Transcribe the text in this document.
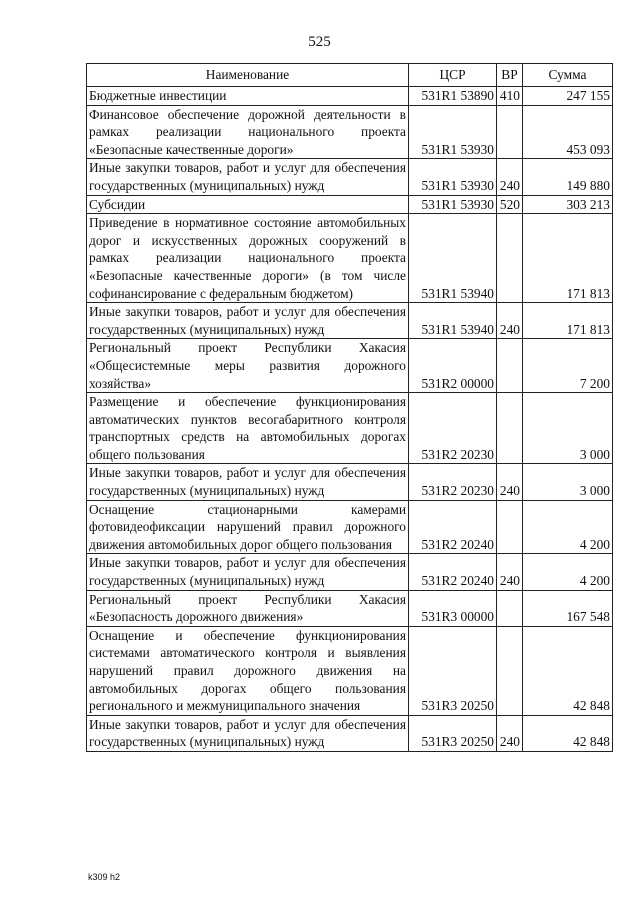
525
Наименование	ЦСР	ВР	Сумма
Бюджетные инвестиции	531R1 53890	410	247 155
Финансовое обеспечение дорожной деятельности в рамках реализации национального проекта «Безопасные качественные дороги»	531R1 53930		453 093
Иные закупки товаров, работ и услуг для обеспечения государственных (муниципальных) нужд	531R1 53930	240	149 880
Субсидии	531R1 53930	520	303 213
Приведение в нормативное состояние автомобильных дорог и искусственных дорожных сооружений в рамках реализации национального проекта «Безопасные качественные дороги» (в том числе софинансирование с федеральным бюджетом)	531R1 53940		171 813
Иные закупки товаров, работ и услуг для обеспечения государственных (муниципальных) нужд	531R1 53940	240	171 813
Региональный проект Республики Хакасия «Общесистемные меры развития дорожного хозяйства»	531R2 00000		7 200
Размещение и обеспечение функционирования автоматических пунктов весогабаритного контроля транспортных средств на автомобильных дорогах общего пользования	531R2 20230		3 000
Иные закупки товаров, работ и услуг для обеспечения государственных (муниципальных) нужд	531R2 20230	240	3 000
Оснащение стационарными камерами фотовидеофиксации нарушений правил дорожного движения автомобильных дорог общего пользования	531R2 20240		4 200
Иные закупки товаров, работ и услуг для обеспечения государственных (муниципальных) нужд	531R2 20240	240	4 200
Региональный проект Республики Хакасия «Безопасность дорожного движения»	531R3 00000		167 548
Оснащение и обеспечение функционирования системами автоматического контроля и выявления нарушений правил дорожного движения на автомобильных дорогах общего пользования регионального и межмуниципального значения	531R3 20250		42 848
Иные закупки товаров, работ и услуг для обеспечения государственных (муниципальных) нужд	531R3 20250	240	42 848
k309 h2
